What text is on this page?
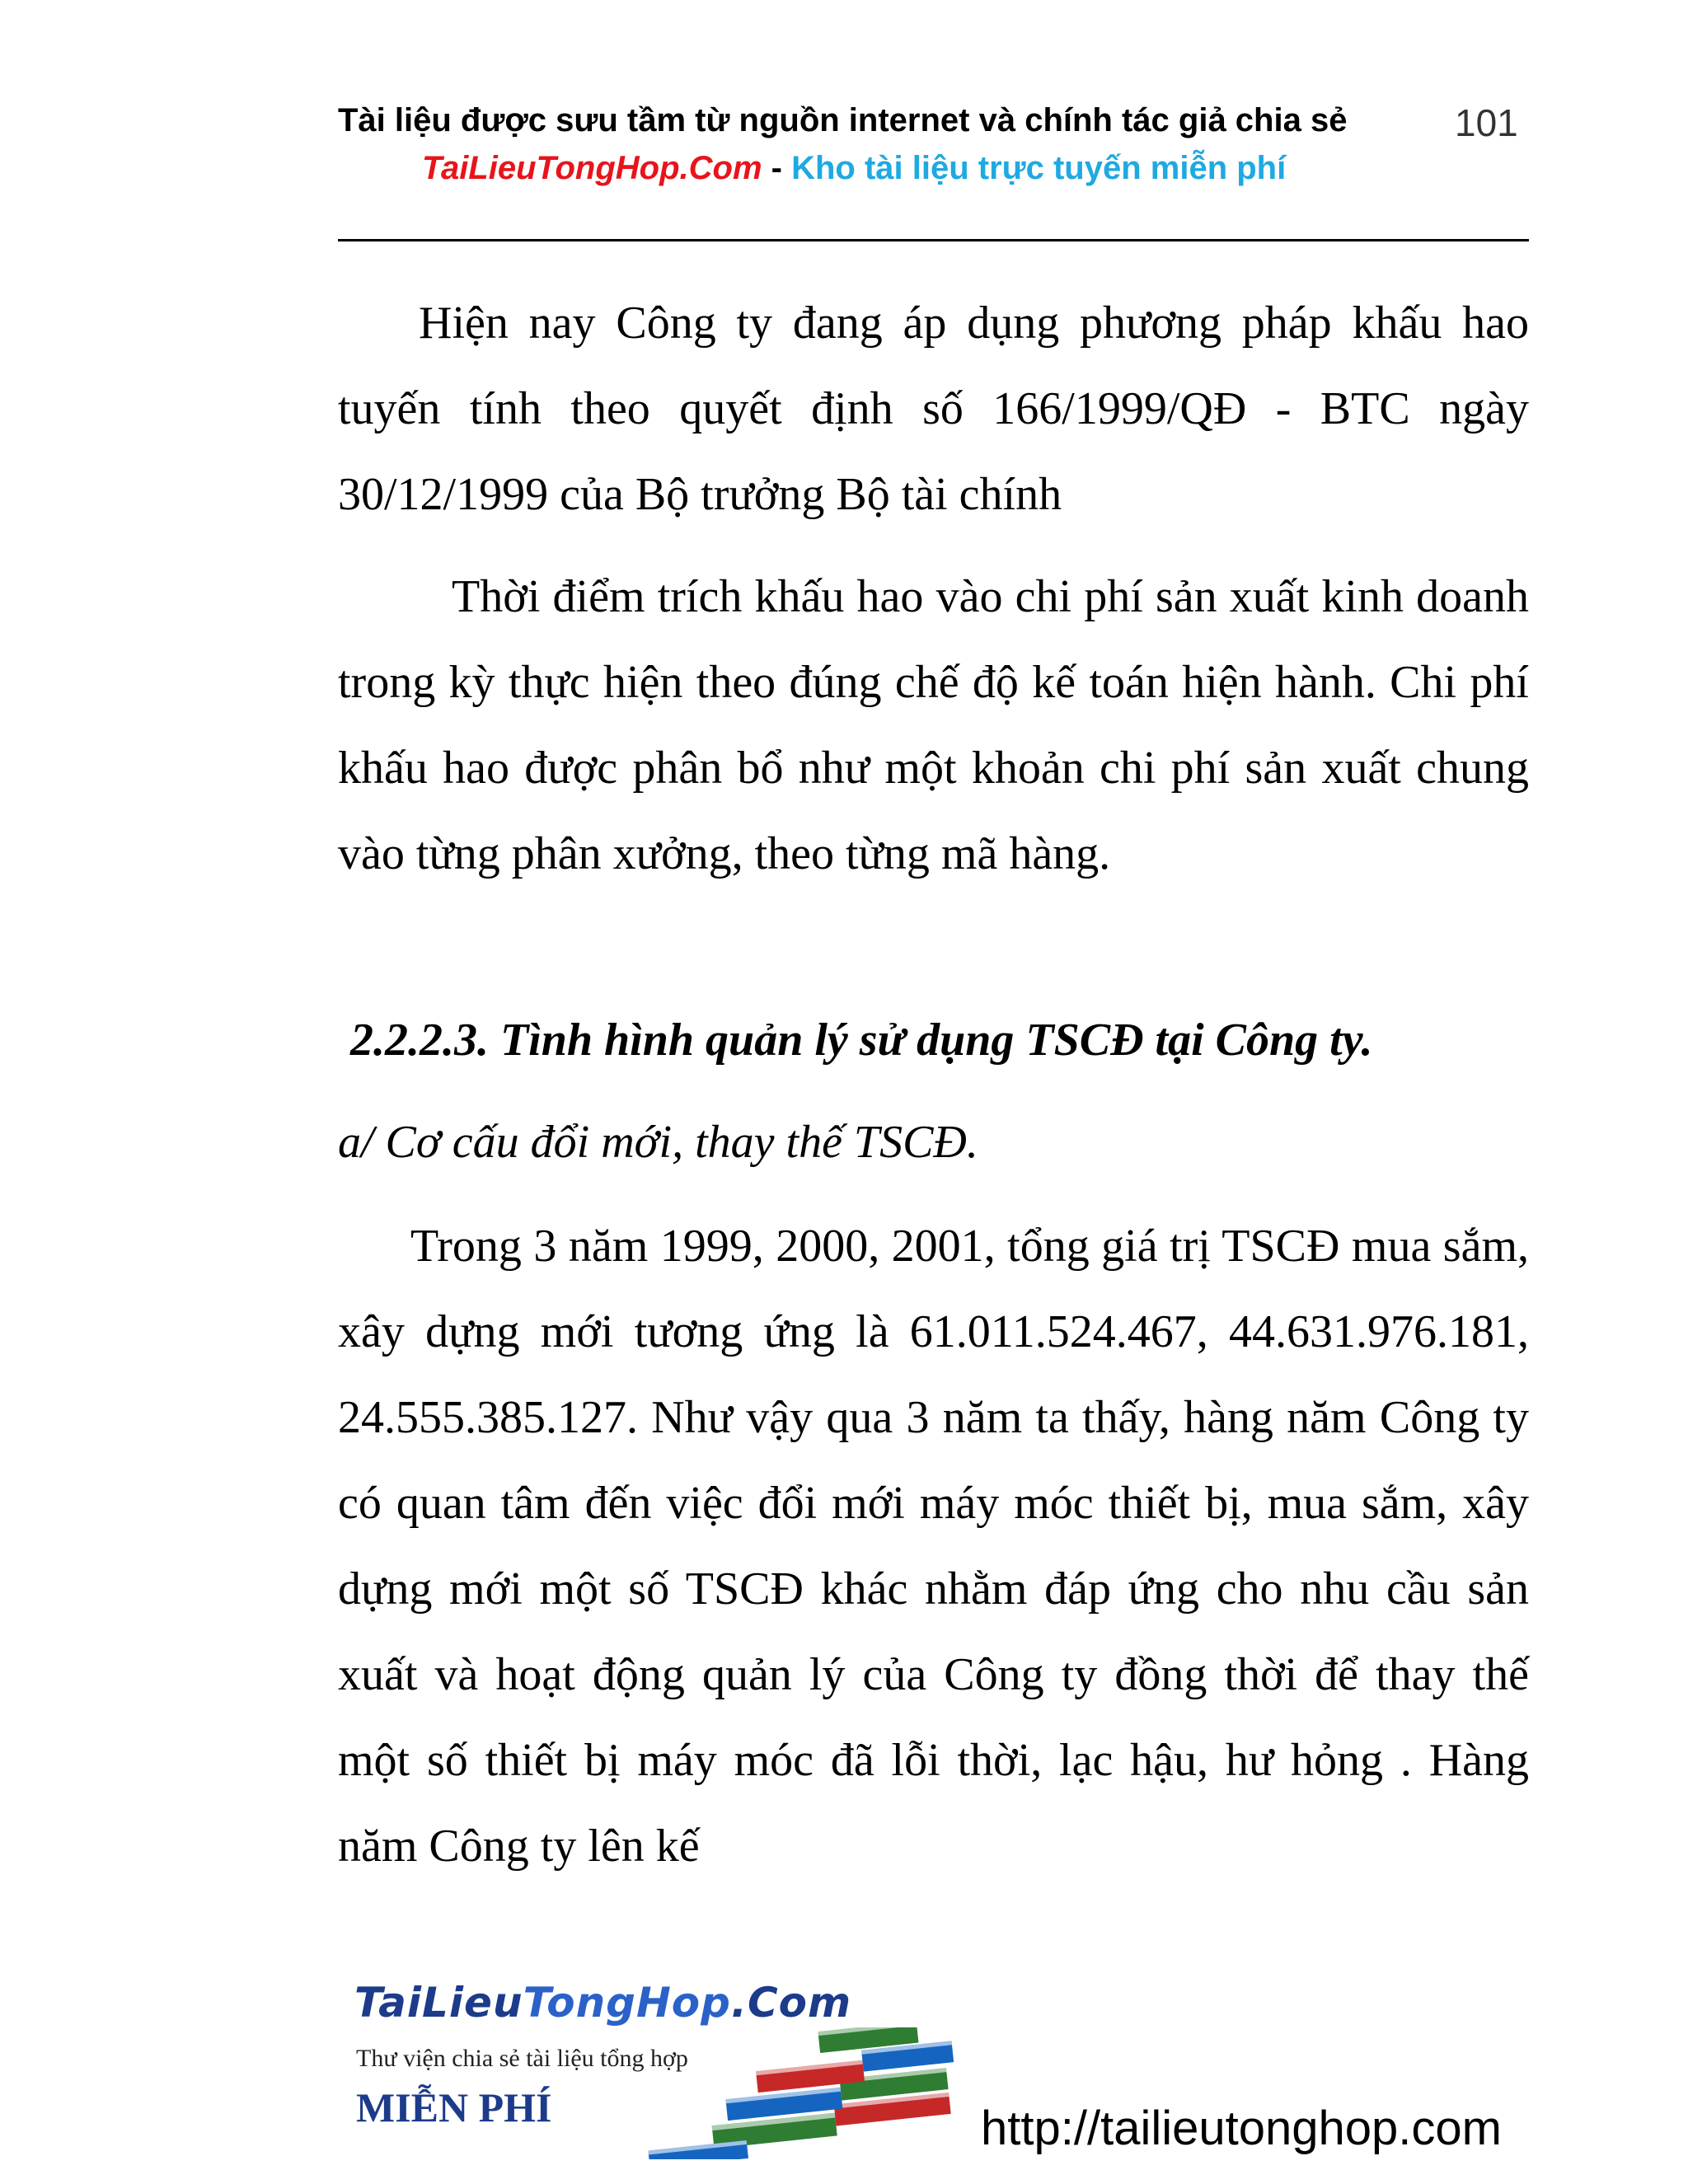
Tài liệu được sưu tầm từ nguồn internet và chính tác giả chia sẻ	101
TaiLieuTongHop.Com - Kho tài liệu trực tuyến miễn phí
Hiện nay Công ty đang áp dụng phương pháp khấu hao tuyến tính theo quyết định số 166/1999/QĐ - BTC ngày 30/12/1999 của Bộ trưởng Bộ tài chính
Thời điểm trích khấu hao vào chi phí sản xuất kinh doanh trong kỳ thực hiện theo đúng chế độ kế toán hiện hành. Chi phí khấu hao được phân bổ như một khoản chi phí sản xuất chung vào từng phân xưởng, theo từng mã hàng.
2.2.2.3. Tình hình quản lý sử dụng TSCĐ tại Công ty.
a/ Cơ cấu đổi mới, thay thế TSCĐ.
Trong 3 năm 1999, 2000, 2001, tổng giá trị TSCĐ mua sắm, xây dựng mới tương ứng là 61.011.524.467, 44.631.976.181, 24.555.385.127. Như vậy qua 3 năm ta thấy, hàng năm Công ty có quan tâm đến việc đổi mới máy móc thiết bị, mua sắm, xây dựng mới một số TSCĐ khác nhằm đáp ứng cho nhu cầu sản xuất và hoạt động quản lý của Công ty đồng thời để thay thế một số thiết bị máy móc đã lỗi thời, lạc hậu, hư hỏng . Hàng năm Công ty lên kế
TaiLieuTongHop.Com
Thư viện chia sẻ tài liệu tổng hợp
MIỄN PHÍ	http://tailieutonghop.com
